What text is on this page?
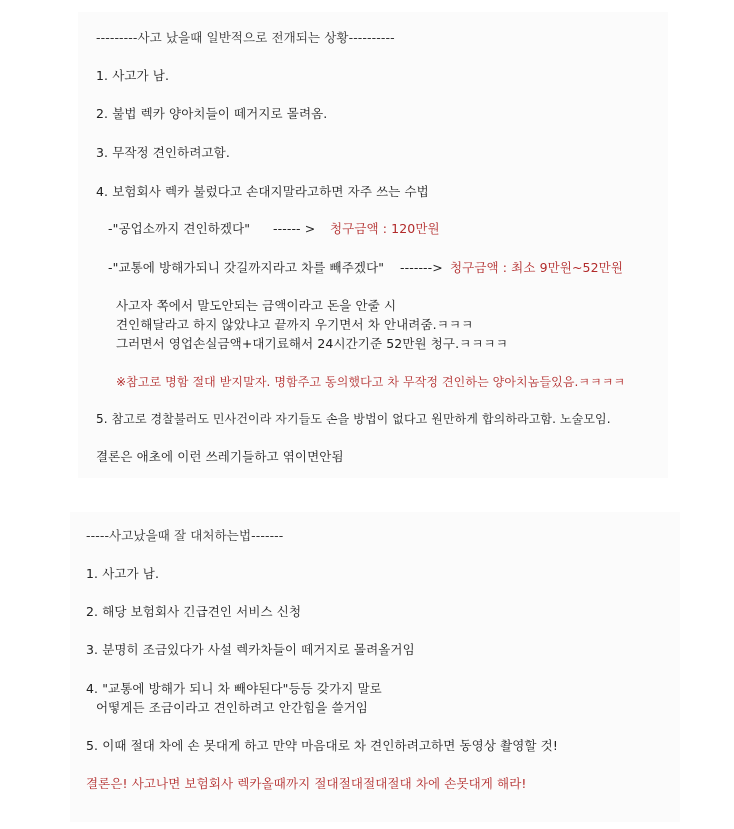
---------사고 났을때 일반적으로 전개되는 상황----------
1. 사고가 남.
2. 불법 렉카 양아치들이 떼거지로 몰려옴.
3. 무작정 견인하려고함.
4. 보험회사 렉카 불렀다고 손대지말라고하면 자주 쓰는 수법
-"공업소까지 견인하겠다" ------ > 청구금액 : 120만원
-"교통에 방해가되니 갓길까지라고 차를 빼주겠다" -------> 청구금액 : 최소 9만원~52만원
사고자 쪽에서 말도안되는 금액이라고 돈을 안줄 시
견인해달라고 하지 않았냐고 끝까지 우기면서 차 안내려줌.ㅋㅋㅋ
그러면서 영업손실금액+대기료해서 24시간기준 52만원 청구.ㅋㅋㅋㅋ
※참고로 명함 절대 받지말자. 명함주고 동의했다고 차 무작정 견인하는 양아치놈들있음.ㅋㅋㅋㅋ
5. 참고로 경찰불러도 민사건이라 자기들도 손을 방법이 없다고 원만하게 합의하라고함. 노술모임.
결론은 애초에 이런 쓰레기들하고 엮이면안됨
-----사고났을때 잘 대처하는법-------
1. 사고가 남.
2. 해당 보험회사 긴급견인 서비스 신청
3. 분명히 조금있다가 사설 렉카차들이 떼거지로 몰려올거임
4. "교통에 방해가 되니 차 빼야된다"등등 갖가지 말로
어떻게든 조금이라고 견인하려고 안간힘을 쓸거임
5. 이때 절대 차에 손 못대게 하고 만약 마음대로 차 견인하려고하면 동영상 촬영할 것!
결론은! 사고나면 보험회사 렉카올때까지 절대절대절대절대 차에 손못대게 해라!
